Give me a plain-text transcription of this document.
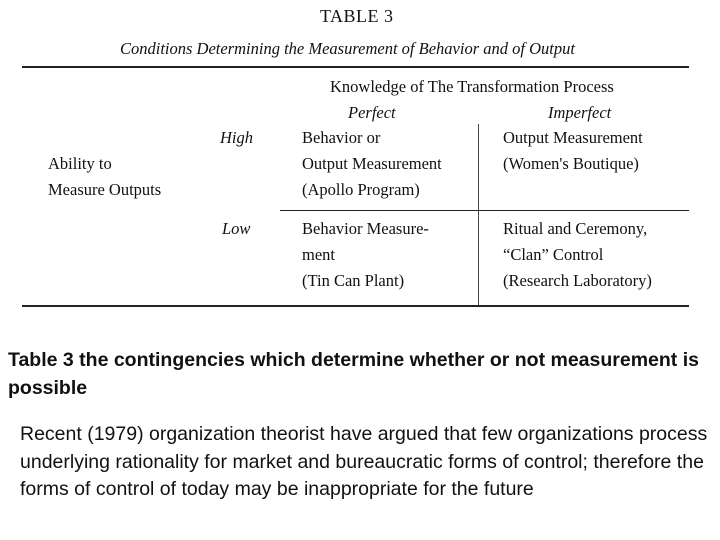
TABLE 3
Conditions Determining the Measurement of Behavior and of Output
Knowledge of The Transformation Process
Perfect	Imperfect
Ability to
Measure Outputs
High
Low
Behavior or
Output Measurement
(Apollo Program)
Output Measurement
(Women's Boutique)
Behavior Measure-
ment
(Tin Can Plant)
Ritual and Ceremony,
“Clan” Control
(Research Laboratory)
Table 3 the contingencies which determine whether or not measurement is possible
Recent (1979) organization theorist have argued that few organizations process underlying rationality for market and bureaucratic forms of control; therefore the forms of control of today may be inappropriate for the future
